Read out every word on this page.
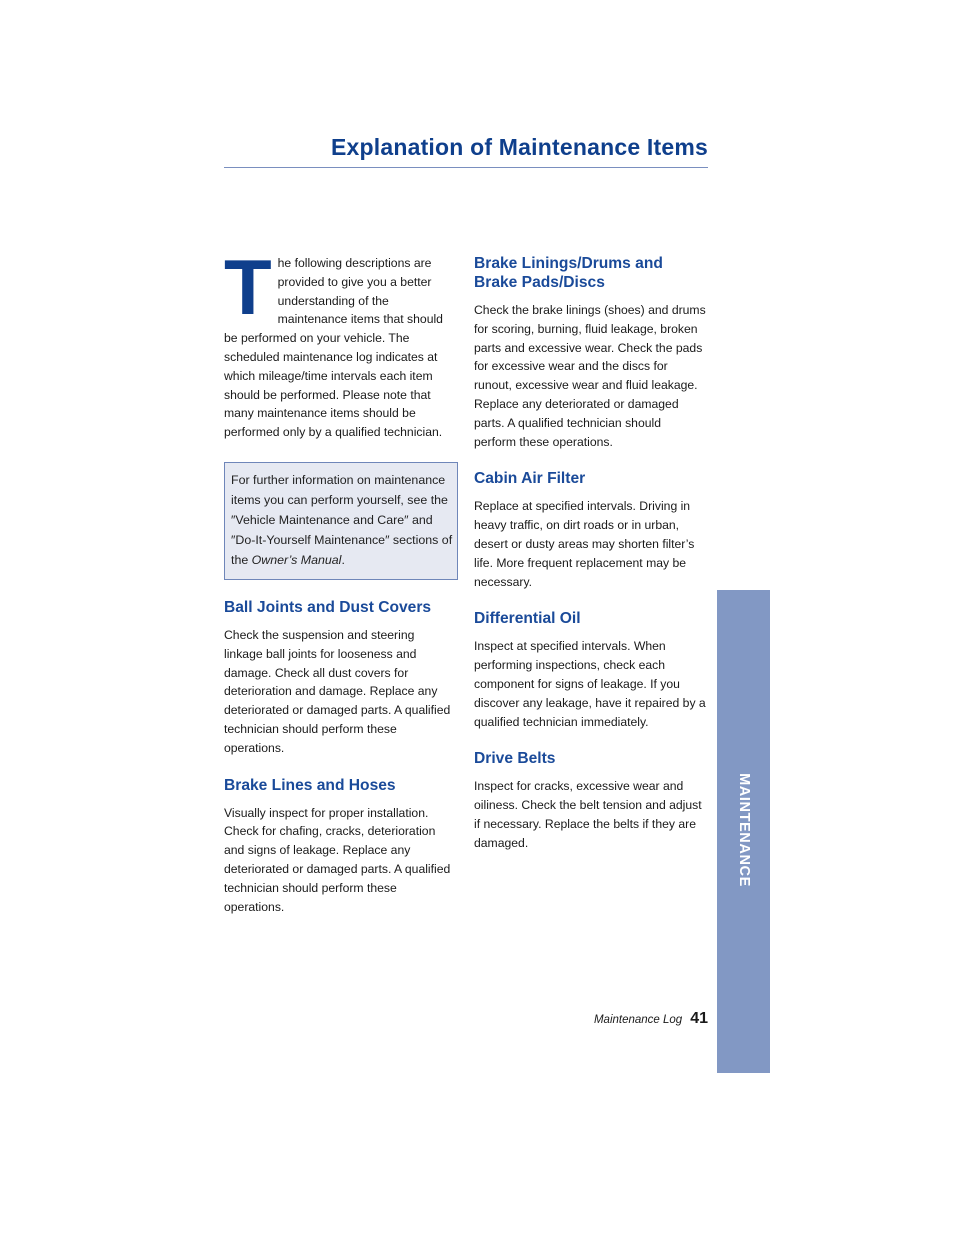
Explanation of Maintenance Items

The following descriptions are provided to give you a better understanding of the maintenance items that should be performed on your vehicle. The scheduled maintenance log indicates at which mileage/time intervals each item should be performed. Please note that many maintenance items should be performed only by a qualified technician.

For further information on maintenance items you can perform yourself, see the ″Vehicle Maintenance and Care″ and ″Do-It-Yourself Maintenance″ sections of the Owner’s Manual.

Ball Joints and Dust Covers

Check the suspension and steering linkage ball joints for looseness and damage. Check all dust covers for deterioration and damage. Replace any deteriorated or damaged parts. A qualified technician should perform these operations.

Brake Lines and Hoses

Visually inspect for proper installation. Check for chafing, cracks, deterioration and signs of leakage. Replace any deteriorated or damaged parts. A qualified technician should perform these operations.

Brake Linings/Drums and Brake Pads/Discs

Check the brake linings (shoes) and drums for scoring, burning, fluid leakage, broken parts and excessive wear. Check the pads for excessive wear and the discs for runout, excessive wear and fluid leakage. Replace any deteriorated or damaged parts. A qualified technician should perform these operations.

Cabin Air Filter

Replace at specified intervals. Driving in heavy traffic, on dirt roads or in urban, desert or dusty areas may shorten filter’s life. More frequent replacement may be necessary.

Differential Oil

Inspect at specified intervals. When performing inspections, check each component for signs of leakage. If you discover any leakage, have it repaired by a qualified technician immediately.

Drive Belts

Inspect for cracks, excessive wear and oiliness. Check the belt tension and adjust if necessary. Replace the belts if they are damaged.	MAINTENANCE
Maintenance Log 41
